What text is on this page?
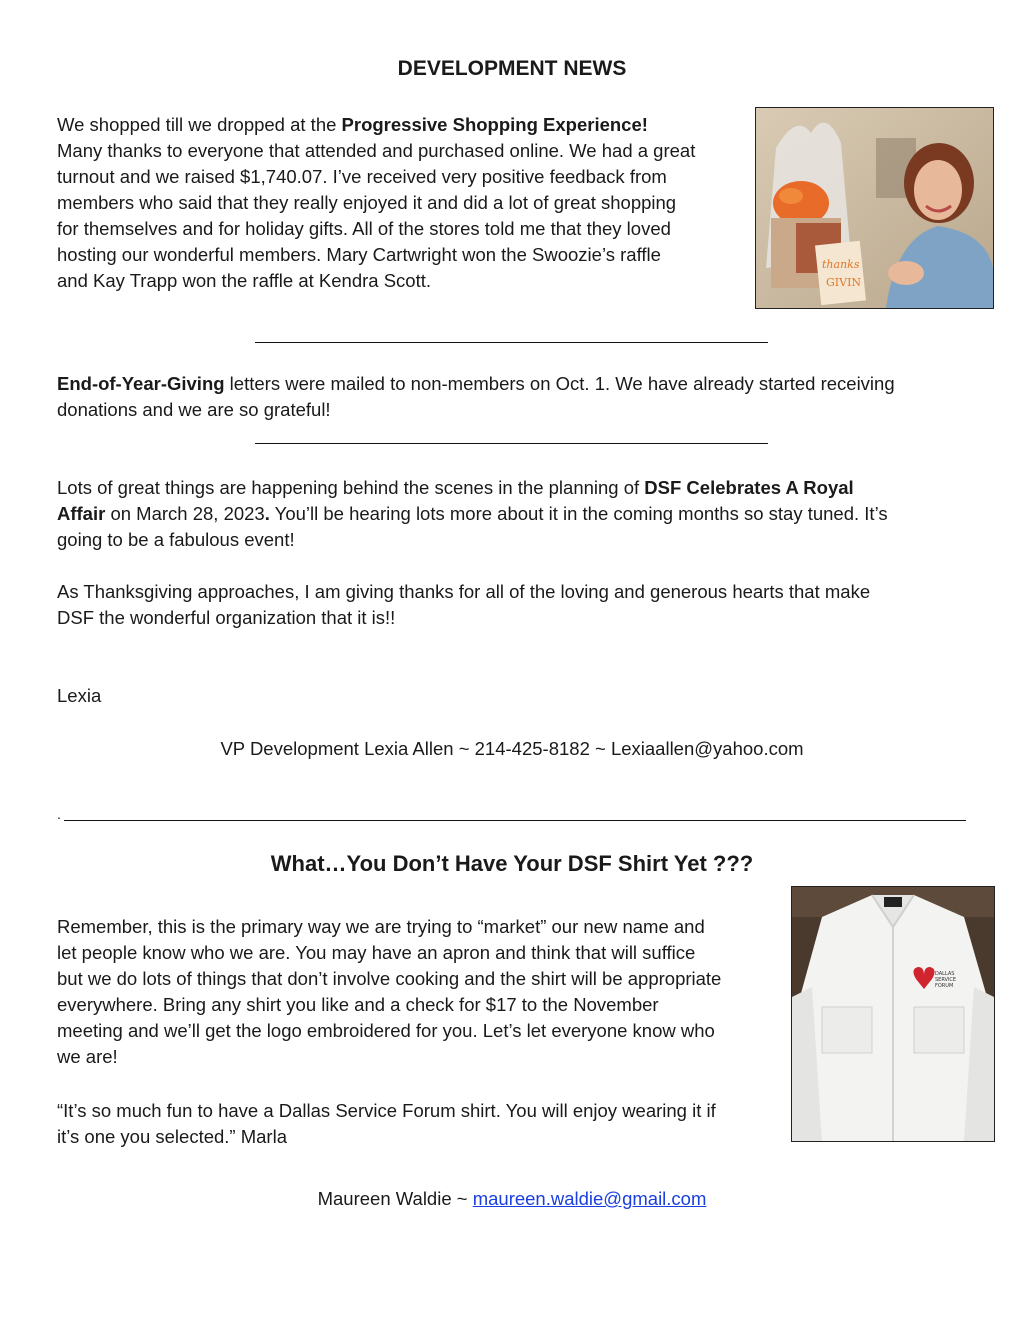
DEVELOPMENT NEWS
We shopped till we dropped at the Progressive Shopping Experience!
Many thanks to everyone that attended and purchased online. We had a great
turnout and we raised $1,740.07. I’ve received very positive feedback from
members who said that they really enjoyed it and did a lot of great shopping
for themselves and for holiday gifts. All of the stores told me that they loved
hosting our wonderful members. Mary Cartwright won the Swoozie’s raffle
and Kay Trapp won the raffle at Kendra Scott.
thanks
GIVIN
End-of-Year-Giving letters were mailed to non-members on Oct. 1. We have already started receiving
donations and we are so grateful!
Lots of great things are happening behind the scenes in the planning of DSF Celebrates A Royal
Affair on March 28, 2023. You’ll be hearing lots more about it in the coming months so stay tuned. It’s
going to be a fabulous event!
As Thanksgiving approaches, I am giving thanks for all of the loving and generous hearts that make
DSF the wonderful organization that it is!!
Lexia
VP Development Lexia Allen ~ 214-425-8182 ~ Lexiaallen@yahoo.com
.
What…You Don’t Have Your DSF Shirt Yet ???
Remember, this is the primary way we are trying to “market” our new name and
let people know who we are. You may have an apron and think that will suffice
but we do lots of things that don’t involve cooking and the shirt will be appropriate
everywhere. Bring any shirt you like and a check for $17 to the November
meeting and we’ll get the logo embroidered for you. Let’s let everyone know who
we are!
“It’s so much fun to have a Dallas Service Forum shirt. You will enjoy wearing it if
it’s one you selected.” Marla
DALLAS
SERVICE
FORUM
Maureen Waldie ~ maureen.waldie@gmail.com
